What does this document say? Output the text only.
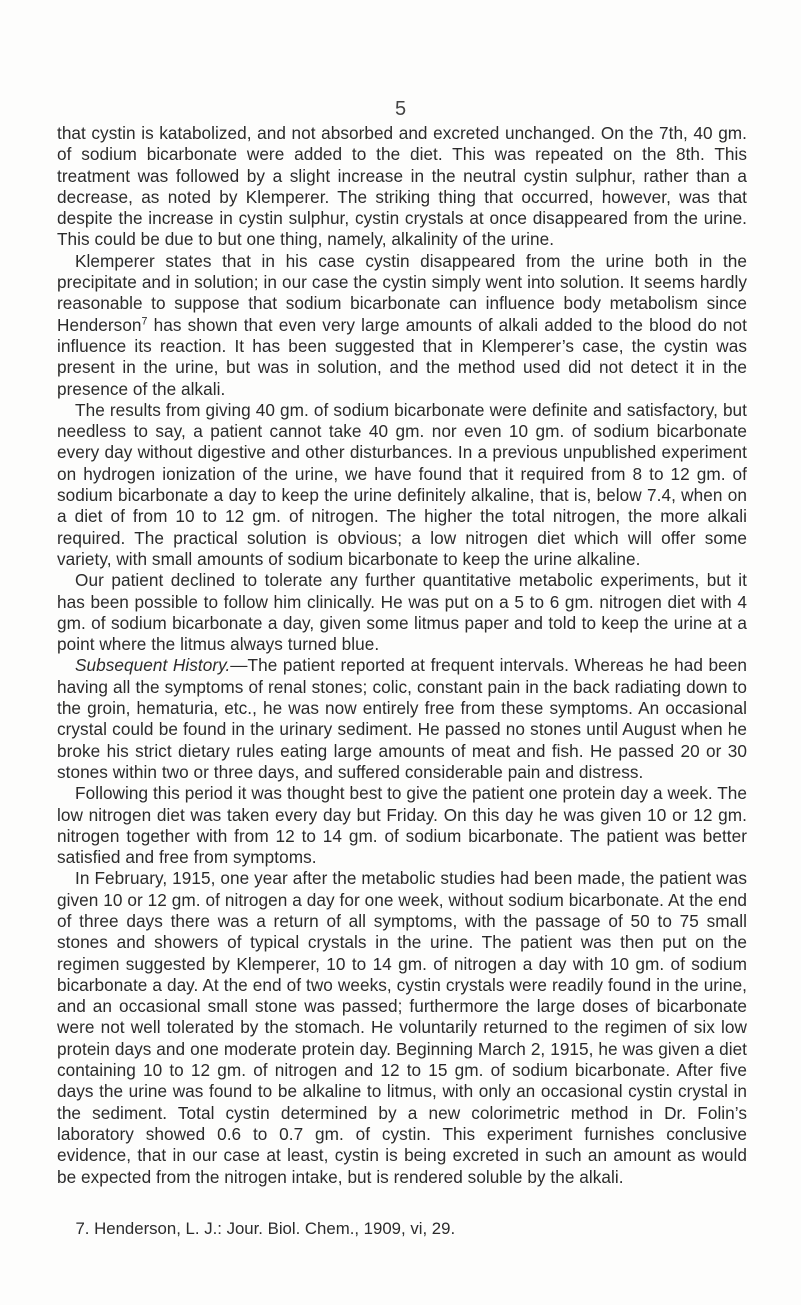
5

that cystin is katabolized, and not absorbed and excreted unchanged. On the 7th, 40 gm. of sodium bicarbonate were added to the diet. This was repeated on the 8th. This treatment was followed by a slight increase in the neutral cystin sulphur, rather than a decrease, as noted by Klemperer. The striking thing that occurred, however, was that despite the increase in cystin sulphur, cystin crystals at once disappeared from the urine. This could be due to but one thing, namely, alkalinity of the urine.

Klemperer states that in his case cystin disappeared from the urine both in the precipitate and in solution; in our case the cystin simply went into solution. It seems hardly reasonable to suppose that sodium bicarbonate can influence body metabolism since Henderson$^7$ has shown that even very large amounts of alkali added to the blood do not influence its reaction. It has been suggested that in Klemperer’s case, the cystin was present in the urine, but was in solution, and the method used did not detect it in the presence of the alkali.

The results from giving 40 gm. of sodium bicarbonate were definite and satisfactory, but needless to say, a patient cannot take 40 gm. nor even 10 gm. of sodium bicarbonate every day without digestive and other disturbances. In a previous unpublished experiment on hydrogen ionization of the urine, we have found that it required from 8 to 12 gm. of sodium bicarbonate a day to keep the urine definitely alkaline, that is, below 7.4, when on a diet of from 10 to 12 gm. of nitrogen. The higher the total nitrogen, the more alkali required. The practical solution is obvious; a low nitrogen diet which will offer some variety, with small amounts of sodium bicarbonate to keep the urine alkaline.

Our patient declined to tolerate any further quantitative metabolic experiments, but it has been possible to follow him clinically. He was put on a 5 to 6 gm. nitrogen diet with 4 gm. of sodium bicarbonate a day, given some litmus paper and told to keep the urine at a point where the litmus always turned blue.

Subsequent History.—The patient reported at frequent intervals. Whereas he had been having all the symptoms of renal stones; colic, constant pain in the back radiating down to the groin, hematuria, etc., he was now entirely free from these symptoms. An occasional crystal could be found in the urinary sediment. He passed no stones until August when he broke his strict dietary rules eating large amounts of meat and fish. He passed 20 or 30 stones within two or three days, and suffered considerable pain and distress.

Following this period it was thought best to give the patient one protein day a week. The low nitrogen diet was taken every day but Friday. On this day he was given 10 or 12 gm. nitrogen together with from 12 to 14 gm. of sodium bicarbonate. The patient was better satisfied and free from symptoms.

In February, 1915, one year after the metabolic studies had been made, the patient was given 10 or 12 gm. of nitrogen a day for one week, without sodium bicarbonate. At the end of three days there was a return of all symptoms, with the passage of 50 to 75 small stones and showers of typical crystals in the urine. The patient was then put on the regimen suggested by Klemperer, 10 to 14 gm. of nitrogen a day with 10 gm. of sodium bicarbonate a day. At the end of two weeks, cystin crystals were readily found in the urine, and an occasional small stone was passed; furthermore the large doses of bicarbonate were not well tolerated by the stomach. He voluntarily returned to the regimen of six low protein days and one moderate protein day. Beginning March 2, 1915, he was given a diet containing 10 to 12 gm. of nitrogen and 12 to 15 gm. of sodium bicarbonate. After five days the urine was found to be alkaline to litmus, with only an occasional cystin crystal in the sediment. Total cystin determined by a new colorimetric method in Dr. Folin’s laboratory showed 0.6 to 0.7 gm. of cystin. This experiment furnishes conclusive evidence, that in our case at least, cystin is being excreted in such an amount as would be expected from the nitrogen intake, but is rendered soluble by the alkali.

7. Henderson, L. J.: Jour. Biol. Chem., 1909, vi, 29.
